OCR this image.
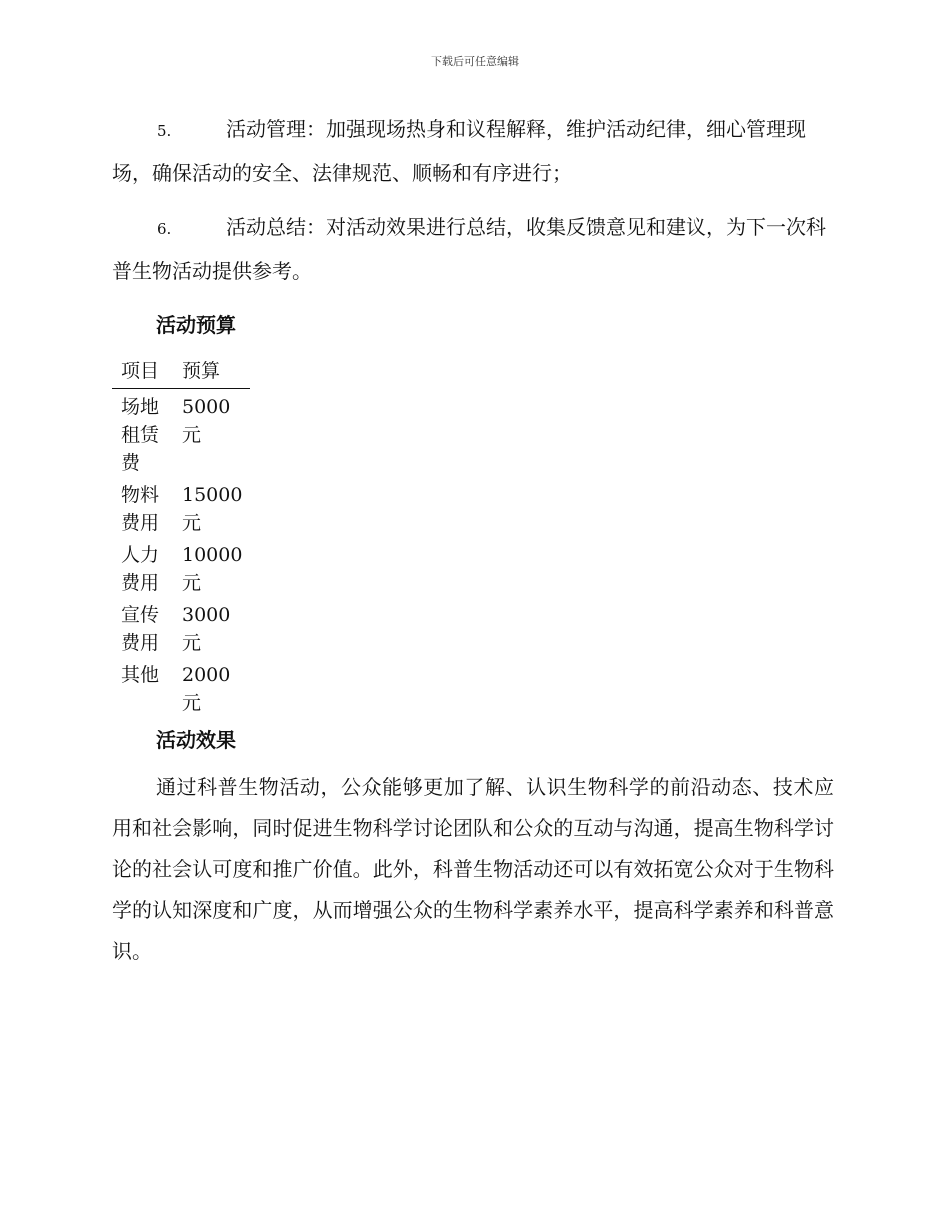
下载后可任意编辑

5.	活动管理：加强现场热身和议程解释，维护活动纪律，细心管理现场，确保活动的安全、法律规范、顺畅和有序进行；

6.	活动总结：对活动效果进行总结，收集反馈意见和建议，为下一次科普生物活动提供参考。

活动预算
项目	预算
场地租赁费	5000元
物料费用	15000元
人力费用	10000元
宣传费用	3000元
其他	2000元
活动效果

通过科普生物活动，公众能够更加了解、认识生物科学的前沿动态、技术应用和社会影响，同时促进生物科学讨论团队和公众的互动与沟通，提高生物科学讨论的社会认可度和推广价值。此外，科普生物活动还可以有效拓宽公众对于生物科学的认知深度和广度，从而增强公众的生物科学素养水平，提高科学素养和科普意识。
